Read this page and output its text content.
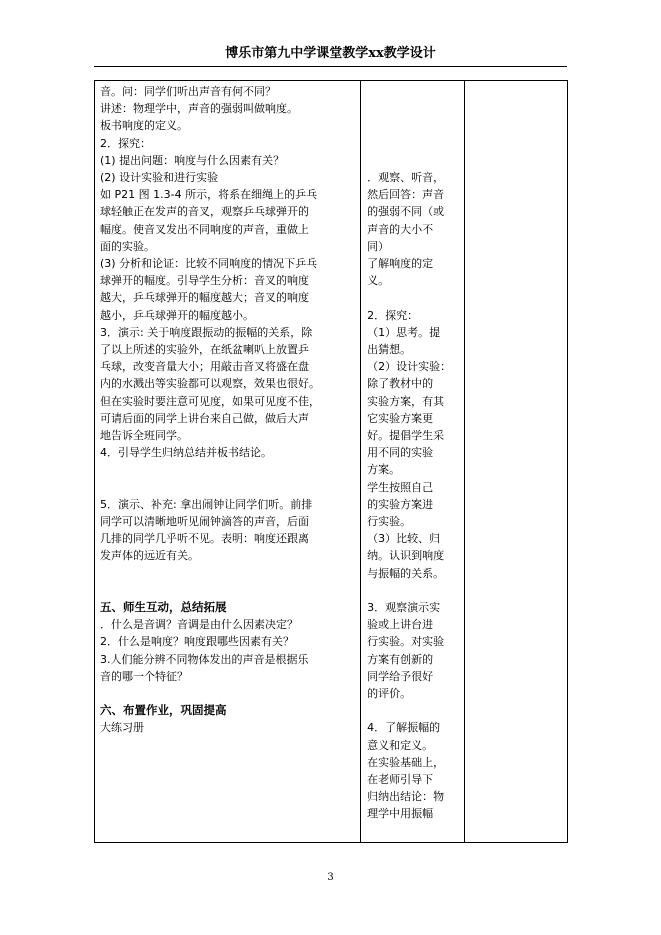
博乐市第九中学课堂教学xx教学设计
音。问：同学们听出声音有何不同？
讲述：物理学中，声音的强弱叫做响度。
板书响度的定义。
2．探究：
(1) 提出问题：响度与什么因素有关？
(2) 设计实验和进行实验
如 P21 图 1.3-4 所示，将系在细绳上的乒乓
球轻触正在发声的音叉，观察乒乓球弹开的
幅度。使音叉发出不同响度的声音，重做上
面的实验。
(3) 分析和论证：比较不同响度的情况下乒乓
球弹开的幅度。引导学生分析：音叉的响度
越大，乒乓球弹开的幅度越大；音叉的响度
越小，乒乓球弹开的幅度越小。
3．演示: 关于响度跟振动的振幅的关系，除
了以上所述的实验外，在纸盆喇叭上放置乒
乓球，改变音量大小；用敲击音叉将盛在盘
内的水溅出等实验都可以观察，效果也很好。
但在实验时要注意可见度，如果可见度不佳，
可请后面的同学上讲台来自己做，做后大声
地告诉全班同学。
4．引导学生归纳总结并板书结论。
5．演示、补充: 拿出闹钟让同学们听。前排
同学可以清晰地听见闹钟滴答的声音，后面
几排的同学几乎听不见。表明：响度还跟离
发声体的远近有关。
五、师生互动，总结拓展
．什么是音调？音调是由什么因素决定？
2．什么是响度？响度跟哪些因素有关？
3.人们能分辨不同物体发出的声音是根据乐
音的哪一个特征？
六、布置作业，巩固提高
大练习册

．观察、听音，
然后回答：声音
的强弱不同（或
声音的大小不
同）
了解响度的定
义。
2．探究：
（1）思考。提
出猜想。
（2）设计实验：
除了教材中的
实验方案，有其
它实验方案更
好。提倡学生采
用不同的实验
方案。
学生按照自己
的实验方案进
行实验。
（3）比较、归
纳。认识到响度
与振幅的关系。
3．观察演示实
验或上讲台进
行实验。对实验
方案有创新的
同学给予很好
的评价。
4．了解振幅的
意义和定义。
在实验基础上，
在老师引导下
归纳出结论：物
理学中用振幅

3
